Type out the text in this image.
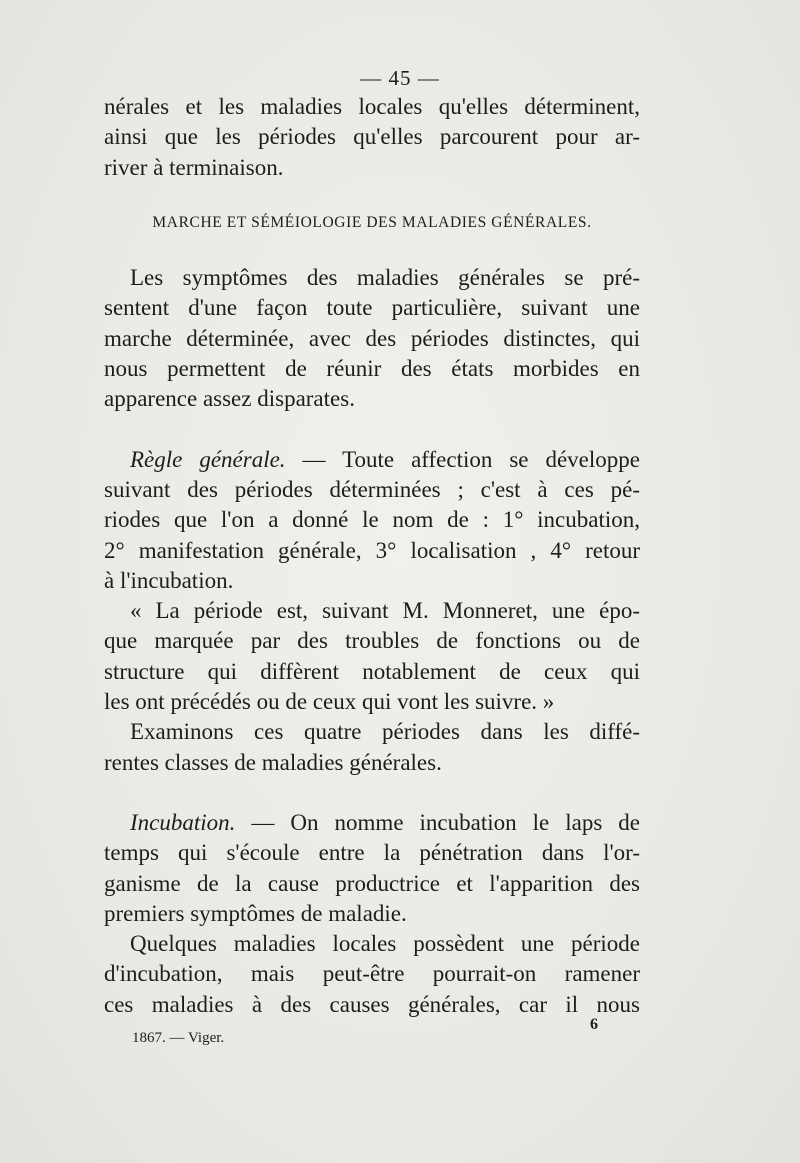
— 45 —
nérales et les maladies locales qu'elles déterminent,
ainsi que les périodes qu'elles parcourent pour ar-
river à terminaison.
MARCHE ET SÉMÉIOLOGIE DES MALADIES GÉNÉRALES.
Les symptômes des maladies générales se pré-
sentent d'une façon toute particulière, suivant une
marche déterminée, avec des périodes distinctes, qui
nous permettent de réunir des états morbides en
apparence assez disparates.
Règle générale. — Toute affection se développe
suivant des périodes déterminées ; c'est à ces pé-
riodes que l'on a donné le nom de : 1° incubation,
2° manifestation générale, 3° localisation , 4° retour
à l'incubation.
« La période est, suivant M. Monneret, une épo-
que marquée par des troubles de fonctions ou de
structure qui diffèrent notablement de ceux qui
les ont précédés ou de ceux qui vont les suivre. »
Examinons ces quatre périodes dans les diffé-
rentes classes de maladies générales.
Incubation. — On nomme incubation le laps de
temps qui s'écoule entre la pénétration dans l'or-
ganisme de la cause productrice et l'apparition des
premiers symptômes de maladie.
Quelques maladies locales possèdent une période
d'incubation, mais peut-être pourrait-on ramener
ces maladies à des causes générales, car il nous
1867. — Viger.
6
